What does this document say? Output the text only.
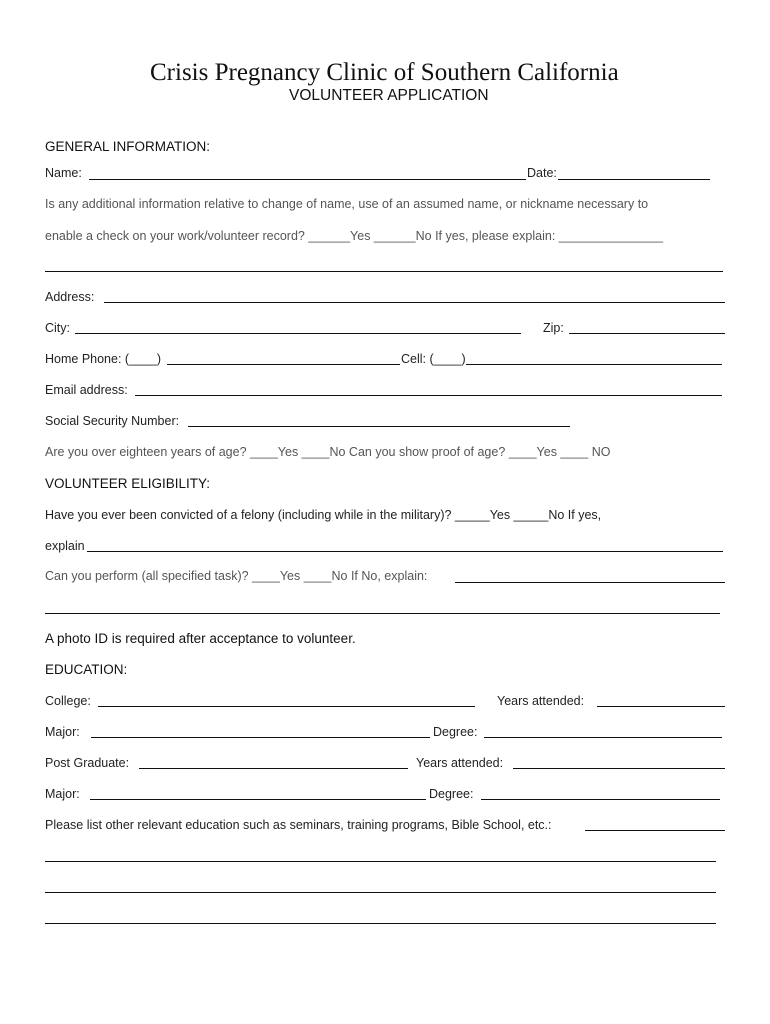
Crisis Pregnancy Clinic of Southern California
VOLUNTEER APPLICATION
GENERAL INFORMATION:
Name:	Date:
Is any additional information relative to change of name, use of an assumed name, or nickname necessary to
enable a check on your work/volunteer record? ______Yes ______No If yes, please explain: _______________
Address:
City:	Zip:
Home Phone: (____)	Cell: (____)
Email address:
Social Security Number:
Are you over eighteen years of age? ____Yes ____No Can you show proof of age? ____Yes ____ NO
VOLUNTEER ELIGIBILITY:
Have you ever been convicted of a felony (including while in the military)? _____Yes _____No If yes,
explain
Can you perform (all specified task)? ____Yes ____No If No, explain:
A photo ID is required after acceptance to volunteer.
EDUCATION:
College:	Years attended:
Major:	Degree:
Post Graduate:	Years attended:
Major:	Degree:
Please list other relevant education such as seminars, training programs, Bible School, etc.:
